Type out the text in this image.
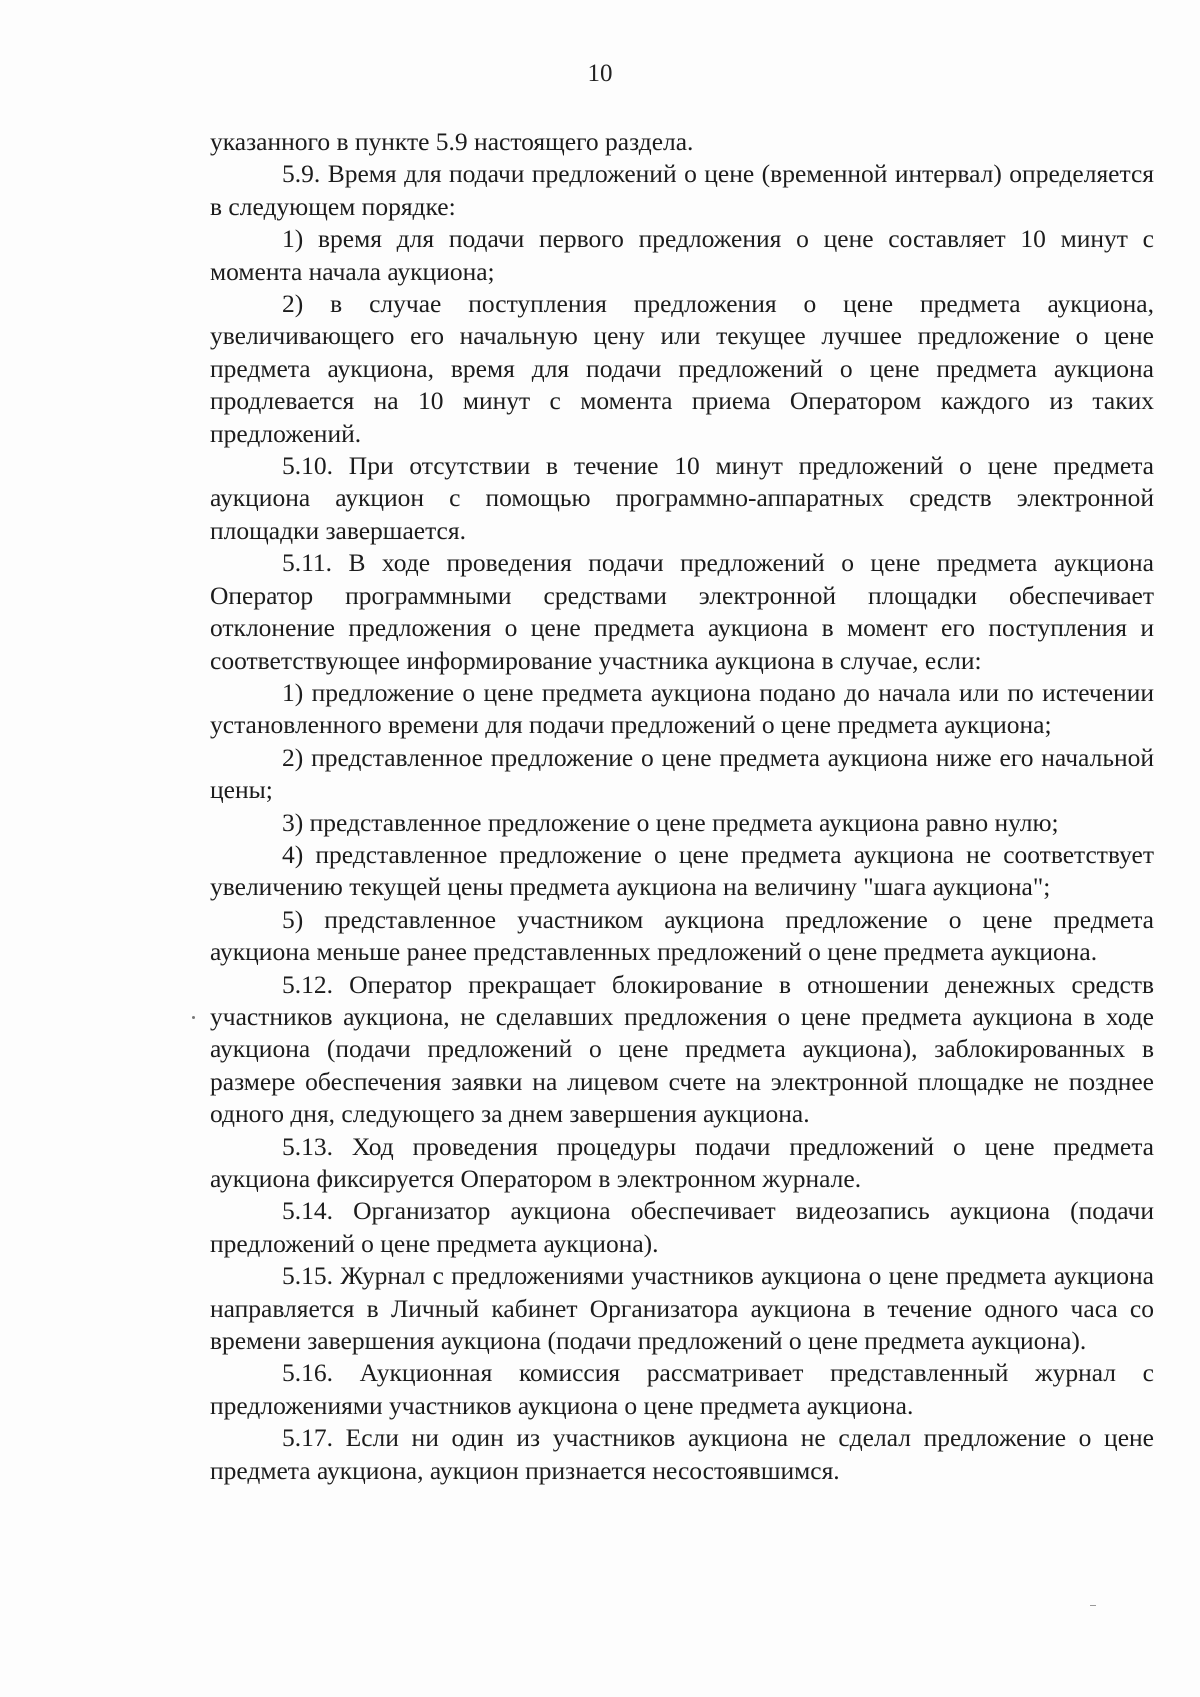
10

указанного в пункте 5.9 настоящего раздела.

5.9. Время для подачи предложений о цене (временной интервал) определяется в следующем порядке:

1) время для подачи первого предложения о цене составляет 10 минут с момента начала аукциона;

2) в случае поступления предложения о цене предмета аукциона, увеличивающего его начальную цену или текущее лучшее предложение о цене предмета аукциона, время для подачи предложений о цене предмета аукциона продлевается на 10 минут с момента приема Оператором каждого из таких предложений.

5.10. При отсутствии в течение 10 минут предложений о цене предмета аукциона аукцион с помощью программно-аппаратных средств электронной площадки завершается.

5.11. В ходе проведения подачи предложений о цене предмета аукциона Оператор программными средствами электронной площадки обеспечивает отклонение предложения о цене предмета аукциона в момент его поступления и соответствующее информирование участника аукциона в случае, если:

1) предложение о цене предмета аукциона подано до начала или по истечении установленного времени для подачи предложений о цене предмета аукциона;

2) представленное предложение о цене предмета аукциона ниже его начальной цены;

3) представленное предложение о цене предмета аукциона равно нулю;

4) представленное предложение о цене предмета аукциона не соответствует увеличению текущей цены предмета аукциона на величину "шага аукциона";

5) представленное участником аукциона предложение о цене предмета аукциона меньше ранее представленных предложений о цене предмета аукциона.

5.12. Оператор прекращает блокирование в отношении денежных средств участников аукциона, не сделавших предложения о цене предмета аукциона в ходе аукциона (подачи предложений о цене предмета аукциона), заблокированных в размере обеспечения заявки на лицевом счете на электронной площадке не позднее одного дня, следующего за днем завершения аукциона.

5.13. Ход проведения процедуры подачи предложений о цене предмета аукциона фиксируется Оператором в электронном журнале.

5.14. Организатор аукциона обеспечивает видеозапись аукциона (подачи предложений о цене предмета аукциона).

5.15. Журнал с предложениями участников аукциона о цене предмета аукциона направляется в Личный кабинет Организатора аукциона в течение одного часа со времени завершения аукциона (подачи предложений о цене предмета аукциона).

5.16. Аукционная комиссия рассматривает представленный журнал с предложениями участников аукциона о цене предмета аукциона.

5.17. Если ни один из участников аукциона не сделал предложение о цене предмета аукциона, аукцион признается несостоявшимся.
